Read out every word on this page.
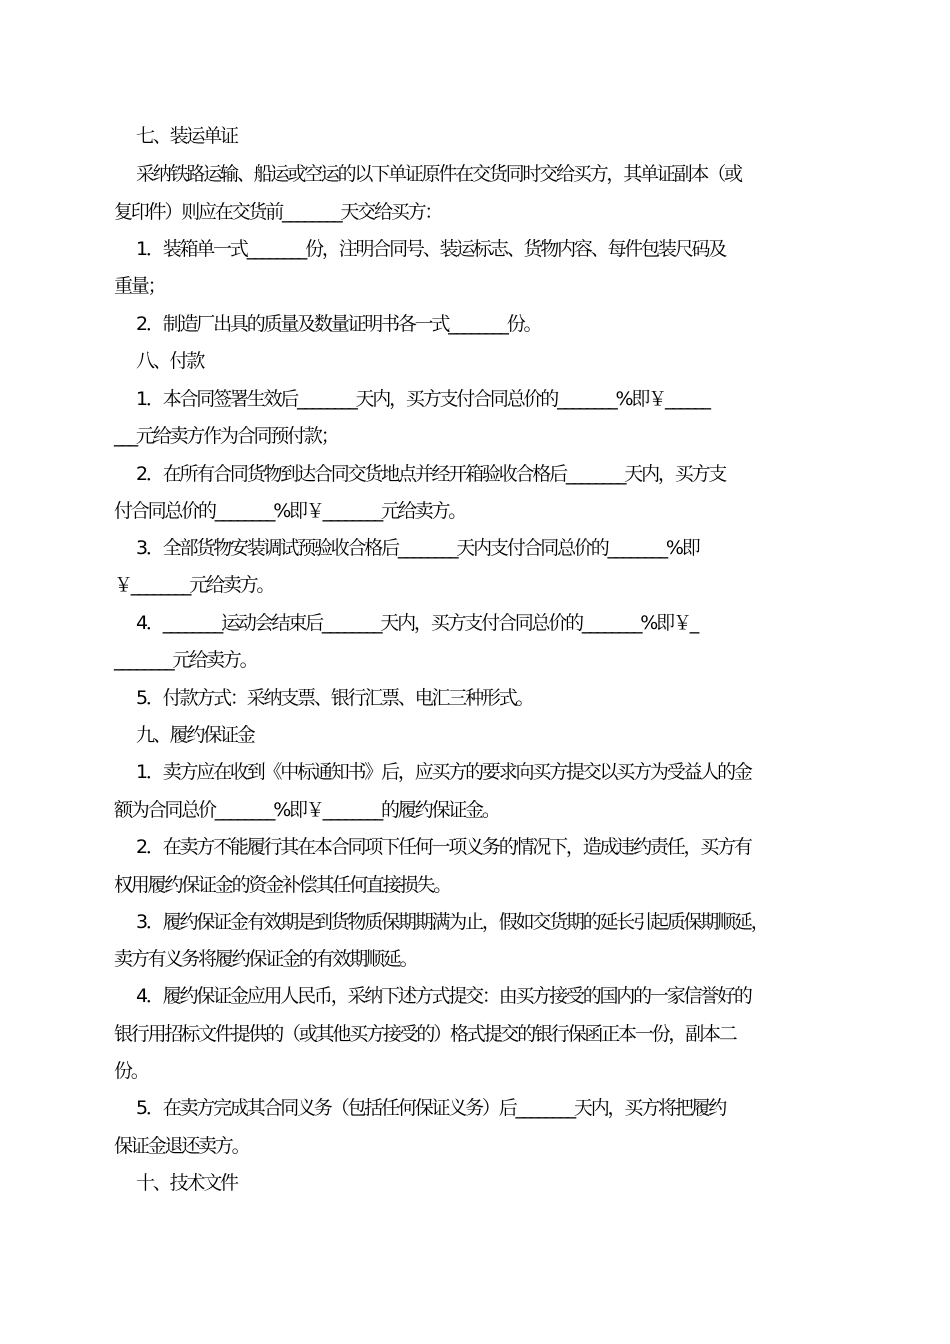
七、装运单证
采纳铁路运输、船运或空运的以下单证原件在交货同时交给买方，其单证副本（或
复印件）则应在交货前________天交给买方：
1．装箱单一式________份，注明合同号、装运标志、货物内容、每件包装尺码及
重量；
2．制造厂出具的质量及数量证明书各一式________份。
八、付款
1．本合同签署生效后________天内，买方支付合同总价的________%即￥______
___元给卖方作为合同预付款；
2．在所有合同货物到达合同交货地点并经开箱验收合格后________天内，买方支
付合同总价的________%即￥________元给卖方。
3．全部货物安装调试预验收合格后________天内支付合同总价的________%即
￥________元给卖方。
4．________运动会结束后________天内，买方支付合同总价的________%即￥_
________元给卖方。
5．付款方式：采纳支票、银行汇票、电汇三种形式。
九、履约保证金
1．卖方应在收到《中标通知书》后，应买方的要求向买方提交以买方为受益人的金
额为合同总价________%即￥________的履约保证金。
2．在卖方不能履行其在本合同项下任何一项义务的情况下，造成违约责任，买方有
权用履约保证金的资金补偿其任何直接损失。
3．履约保证金有效期是到货物质保期期满为止，假如交货期的延长引起质保期顺延，
卖方有义务将履约保证金的有效期顺延。
4．履约保证金应用人民币，采纳下述方式提交：由买方接受的国内的一家信誉好的
银行用招标文件提供的（或其他买方接受的）格式提交的银行保函正本一份，副本二
份。
5．在卖方完成其合同义务（包括任何保证义务）后________天内，买方将把履约
保证金退还卖方。
十、技术文件
